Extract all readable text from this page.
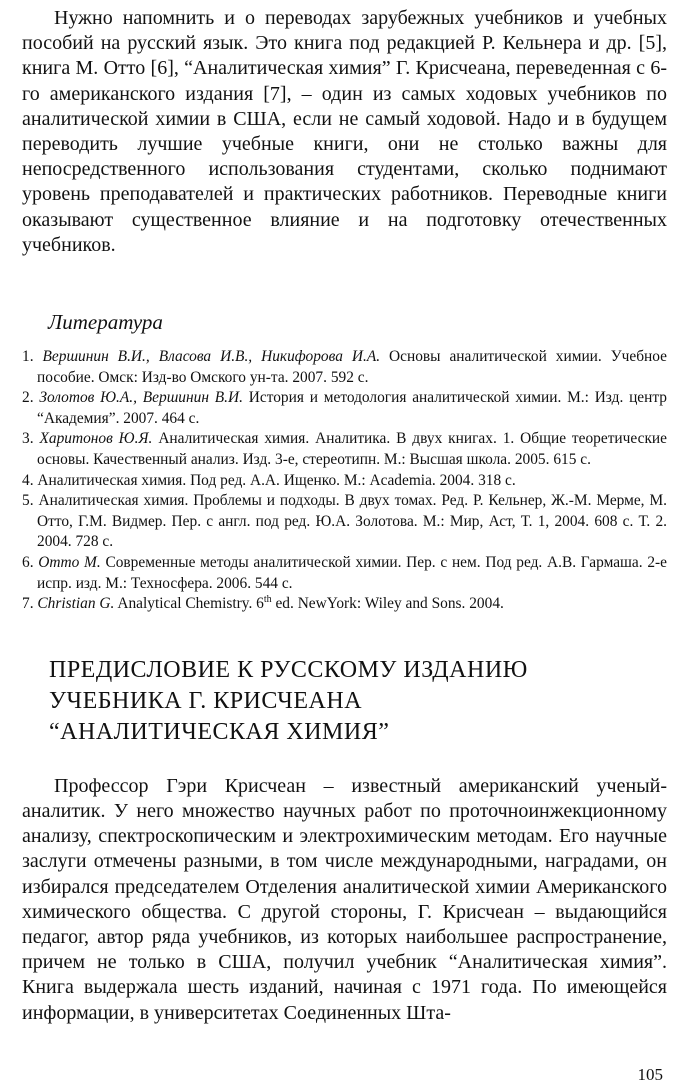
Нужно напомнить и о переводах зарубежных учебников и учебных пособий на русский язык. Это книга под редакцией Р. Кельнера и др. [5], книга М. Отто [6], “Аналитическая химия” Г. Крисчеана, переведенная с 6-го американского издания [7], – один из самых ходовых учебников по аналитической химии в США, если не самый ходовой. Надо и в будущем переводить лучшие учебные книги, они не столько важны для непосредственного использования студентами, сколько поднимают уровень преподавателей и практических работников. Переводные книги оказывают существенное влияние и на подготовку отечественных учебников.

Литература
1. Вершинин В.И., Власова И.В., Никифорова И.А. Основы аналитической химии. Учебное пособие. Омск: Изд-во Омского ун-та. 2007. 592 с.
2. Золотов Ю.А., Вершинин В.И. История и методология аналитической химии. М.: Изд. центр “Академия”. 2007. 464 с.
3. Харитонов Ю.Я. Аналитическая химия. Аналитика. В двух книгах. 1. Общие теоретические основы. Качественный анализ. Изд. 3-е, стереотипн. М.: Высшая школа. 2005. 615 с.
4. Аналитическая химия. Под ред. А.А. Ищенко. М.: Academia. 2004. 318 с.
5. Аналитическая химия. Проблемы и подходы. В двух томах. Ред. Р. Кельнер, Ж.-М. Мерме, М. Отто, Г.М. Видмер. Пер. с англ. под ред. Ю.А. Золотова. М.: Мир, Аст, Т. 1, 2004. 608 с. Т. 2. 2004. 728 с.
6. Отто М. Современные методы аналитической химии. Пер. с нем. Под ред. А.В. Гармаша. 2-е испр. изд. М.: Техносфера. 2006. 544 с.
7. Christian G. Analytical Chemistry. 6th ed. NewYork: Wiley and Sons. 2004.
ПРЕДИСЛОВИЕ К РУССКОМУ ИЗДАНИЮ
УЧЕБНИКА Г. КРИСЧЕАНА
“АНАЛИТИЧЕСКАЯ ХИМИЯ”

Профессор Гэри Крисчеан – известный американский ученый-аналитик. У него множество научных работ по проточноинжекционному анализу, спектроскопическим и электрохимическим методам. Его научные заслуги отмечены разными, в том числе международными, наградами, он избирался председателем Отделения аналитической химии Американского химического общества. С другой стороны, Г. Крисчеан – выдающийся педагог, автор ряда учебников, из которых наибольшее распространение, причем не только в США, получил учебник “Аналитическая химия”. Книга выдержала шесть изданий, начиная с 1971 года. По имеющейся информации, в университетах Соединенных Шта-

105
